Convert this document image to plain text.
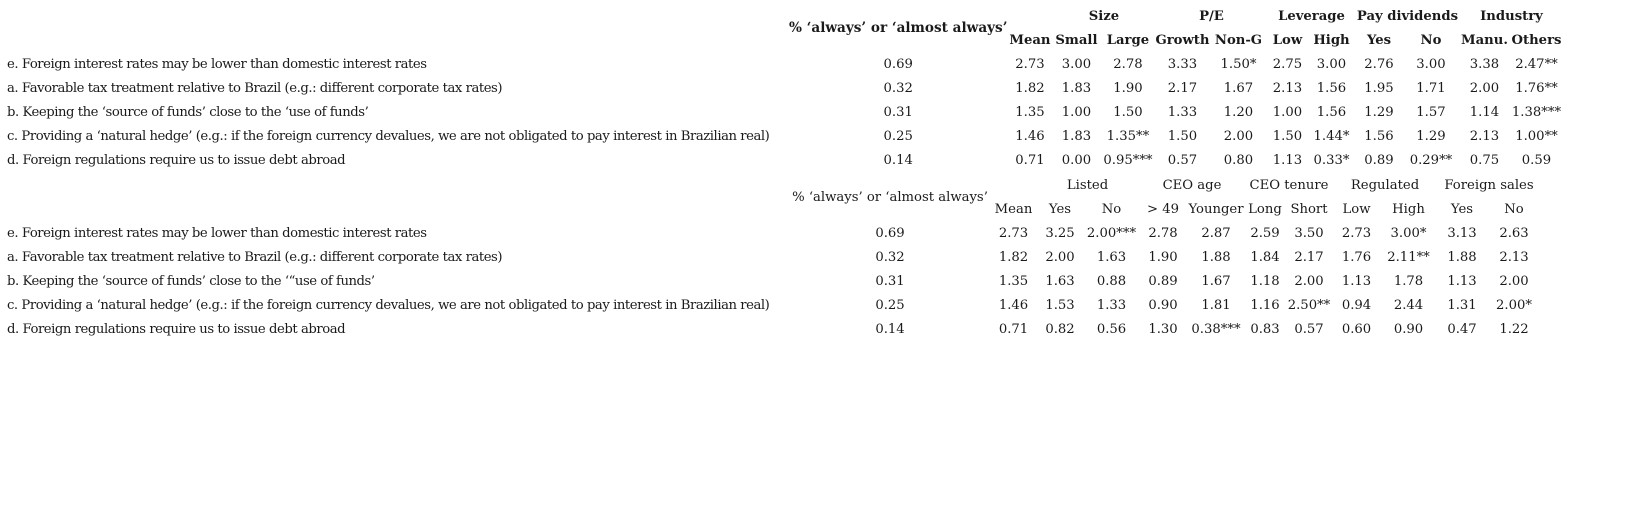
	% ‘always’ or ‘almost always’		Size		P/E		Leverage		Pay dividends		Industry	
		Mean	Small	Large	Growth	Non-G	Low	High	Yes	No	Manu.	Others
e. Foreign interest rates may be lower than domestic interest rates	0.69	2.73	3.00	2.78	3.33	1.50*	2.75	3.00	2.76	3.00	3.38	2.47**
a. Favorable tax treatment relative to Brazil (e.g.: different corporate tax rates)	0.32	1.82	1.83	1.90	2.17	1.67	2.13	1.56	1.95	1.71	2.00	1.76**
b. Keeping the ‘source of funds’ close to the ‘use of funds’	0.31	1.35	1.00	1.50	1.33	1.20	1.00	1.56	1.29	1.57	1.14	1.38***
c. Providing a ‘natural hedge’ (e.g.: if the foreign currency devalues, we are not obligated to pay interest in Brazilian real)	0.25	1.46	1.83	1.35**	1.50	2.00	1.50	1.44*	1.56	1.29	2.13	1.00**
d. Foreign regulations require us to issue debt abroad	0.14	0.71	0.00	0.95***	0.57	0.80	1.13	0.33*	0.89	0.29**	0.75	0.59
	% ‘always’ or ‘almost always’		Listed		CEO age		CEO tenure		Regulated		Foreign sales	
		Mean	Yes	No	> 49	Younger	Long	Short	Low	High	Yes	No
e. Foreign interest rates may be lower than domestic interest rates	0.69	2.73	3.25	2.00***	2.78	2.87	2.59	3.50	2.73	3.00*	3.13	2.63
a. Favorable tax treatment relative to Brazil (e.g.: different corporate tax rates)	0.32	1.82	2.00	1.63	1.90	1.88	1.84	2.17	1.76	2.11**	1.88	2.13
b. Keeping the ‘source of funds’ close to the ‘“use of funds’	0.31	1.35	1.63	0.88	0.89	1.67	1.18	2.00	1.13	1.78	1.13	2.00
c. Providing a ‘natural hedge’ (e.g.: if the foreign currency devalues, we are not obligated to pay interest in Brazilian real)	0.25	1.46	1.53	1.33	0.90	1.81	1.16	2.50**	0.94	2.44	1.31	2.00*
d. Foreign regulations require us to issue debt abroad	0.14	0.71	0.82	0.56	1.30	0.38***	0.83	0.57	0.60	0.90	0.47	1.22
